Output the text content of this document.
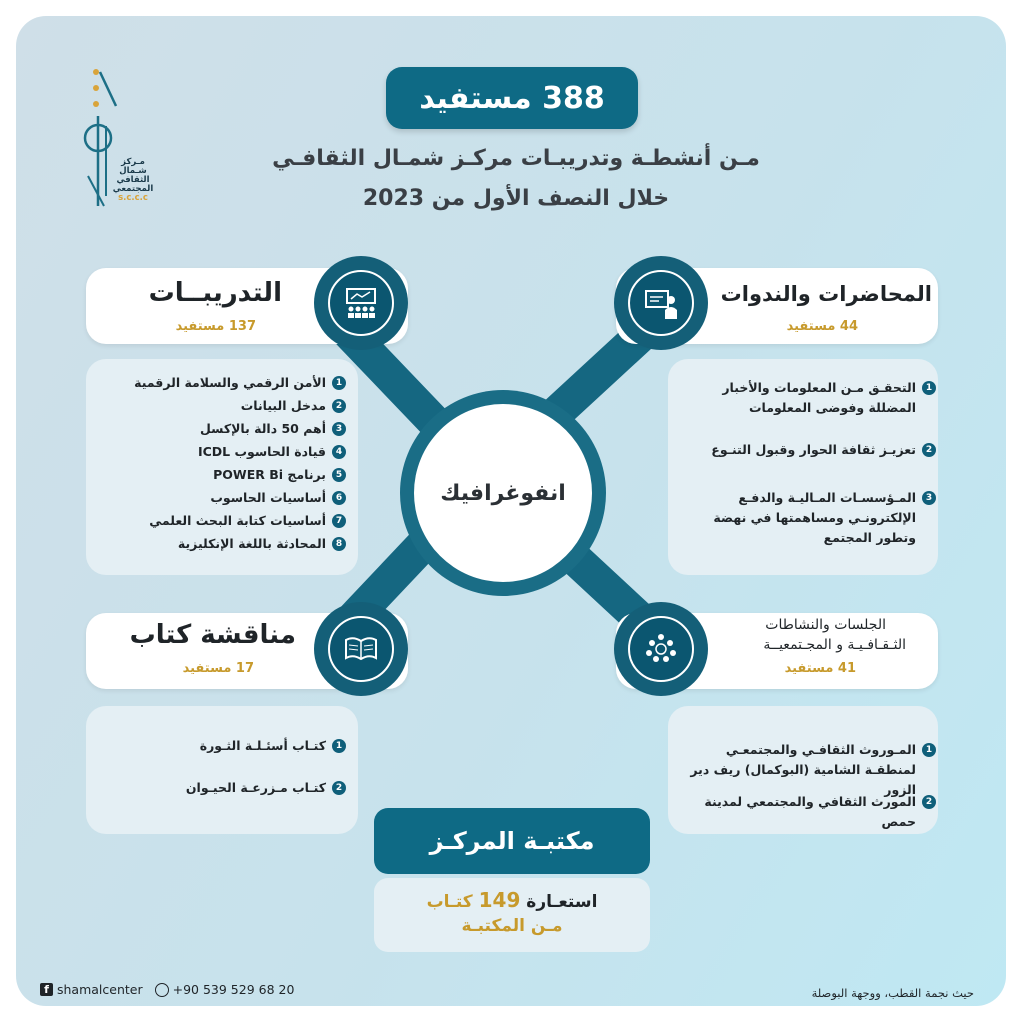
مـركز
شـمال
الثقافي
المجتمعي
s.c.c.c
388 مستفيد
مـن أنشطـة وتدريبـات مركـز شمـال الثقافـي
خلال النصف الأول من 2023
انفوغرافيك
المحاضرات والندوات
44 مستفيد
1
التحقـق مـن المعلومات والأخبار المضللة وفوضى المعلومات
2
تعزيـز ثقافة الحوار وقبول التنـوع
3
المـؤسسـات المـاليـة والدفـع الإلكترونـي ومساهمتها في نهضة وتطور المجتمع
التدريبــات
137 مستفيد
1
الأمن الرقمي والسلامة الرقمية
2
مدخل البيانات
3
أهم 50 دالة بالإكسل
4
قيادة الحاسوب ICDL
5
برنامج POWER Bi
6
أساسيات الحاسوب
7
أساسيات كتابة البحث العلمي
8
المحادثة باللغة الإنكليزية
مناقشة كتاب
17 مستفيد
1
كتـاب أسئـلـة الثـورة
2
كتـاب مـزرعـة الحيـوان
الجلسات والنشاطات
الثـقـافـيـة و المجـتمعيــة
41 مستفيد
1
المـوروث الثقافـي والمجتمعـي لمنطقـة الشامية (البوكمال) ريف دير الزور
2
المورث الثقافي والمجتمعي لمدينة حمص
مكتبـة المركـز
استعـارة 149 كتـاب
مـن المكتبـة
f shamalcenter +90 539 529 68 20	حيث نجمة القطب، ووجهة البوصلة
